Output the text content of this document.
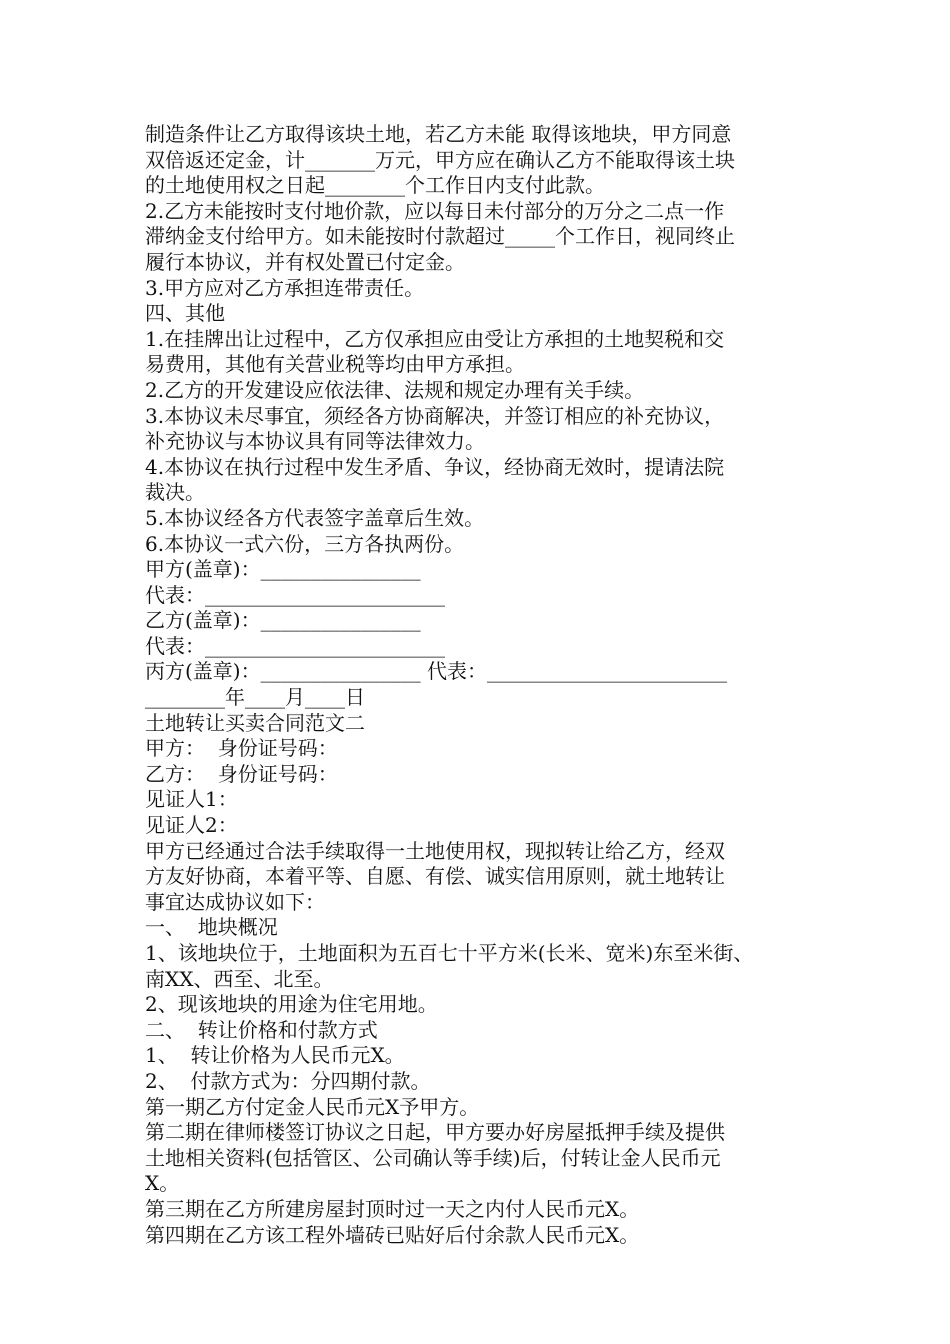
制造条件让乙方取得该块土地，若乙方未能 取得该地块，甲方同意
双倍返还定金，计_______万元，甲方应在确认乙方不能取得该土块
的土地使用权之日起________个工作日内支付此款。
2.乙方未能按时支付地价款，应以每日未付部分的万分之二点一作
滞纳金支付给甲方。如未能按时付款超过_____个工作日，视同终止
履行本协议，并有权处置已付定金。
3.甲方应对乙方承担连带责任。
四、其他
1.在挂牌出让过程中，乙方仅承担应由受让方承担的土地契税和交
易费用，其他有关营业税等均由甲方承担。
2.乙方的开发建设应依法律、法规和规定办理有关手续。
3.本协议未尽事宜，须经各方协商解决，并签订相应的补充协议，
补充协议与本协议具有同等法律效力。
4.本协议在执行过程中发生矛盾、争议，经协商无效时，提请法院
裁决。
5.本协议经各方代表签字盖章后生效。
6.本协议一式六份，三方各执两份。
甲方(盖章)：________________
代表：________________________
乙方(盖章)：________________
代表：________________________
丙方(盖章)：________________ 代表：________________________
________年____月____日
土地转让买卖合同范文二
甲方：  身份证号码：
乙方：  身份证号码：
见证人1：
见证人2：
甲方已经通过合法手续取得一土地使用权，现拟转让给乙方，经双
方友好协商，本着平等、自愿、有偿、诚实信用原则，就土地转让
事宜达成协议如下：
一、  地块概况
1、该地块位于，土地面积为五百七十平方米(长米、宽米)东至米街、
南XX、西至、北至。
2、现该地块的用途为住宅用地。
二、  转让价格和付款方式
1、  转让价格为人民币元X。
2、  付款方式为：分四期付款。
第一期乙方付定金人民币元X予甲方。
第二期在律师楼签订协议之日起，甲方要办好房屋抵押手续及提供
土地相关资料(包括管区、公司确认等手续)后，付转让金人民币元
X。
第三期在乙方所建房屋封顶时过一天之内付人民币元X。
第四期在乙方该工程外墙砖已贴好后付余款人民币元X。
